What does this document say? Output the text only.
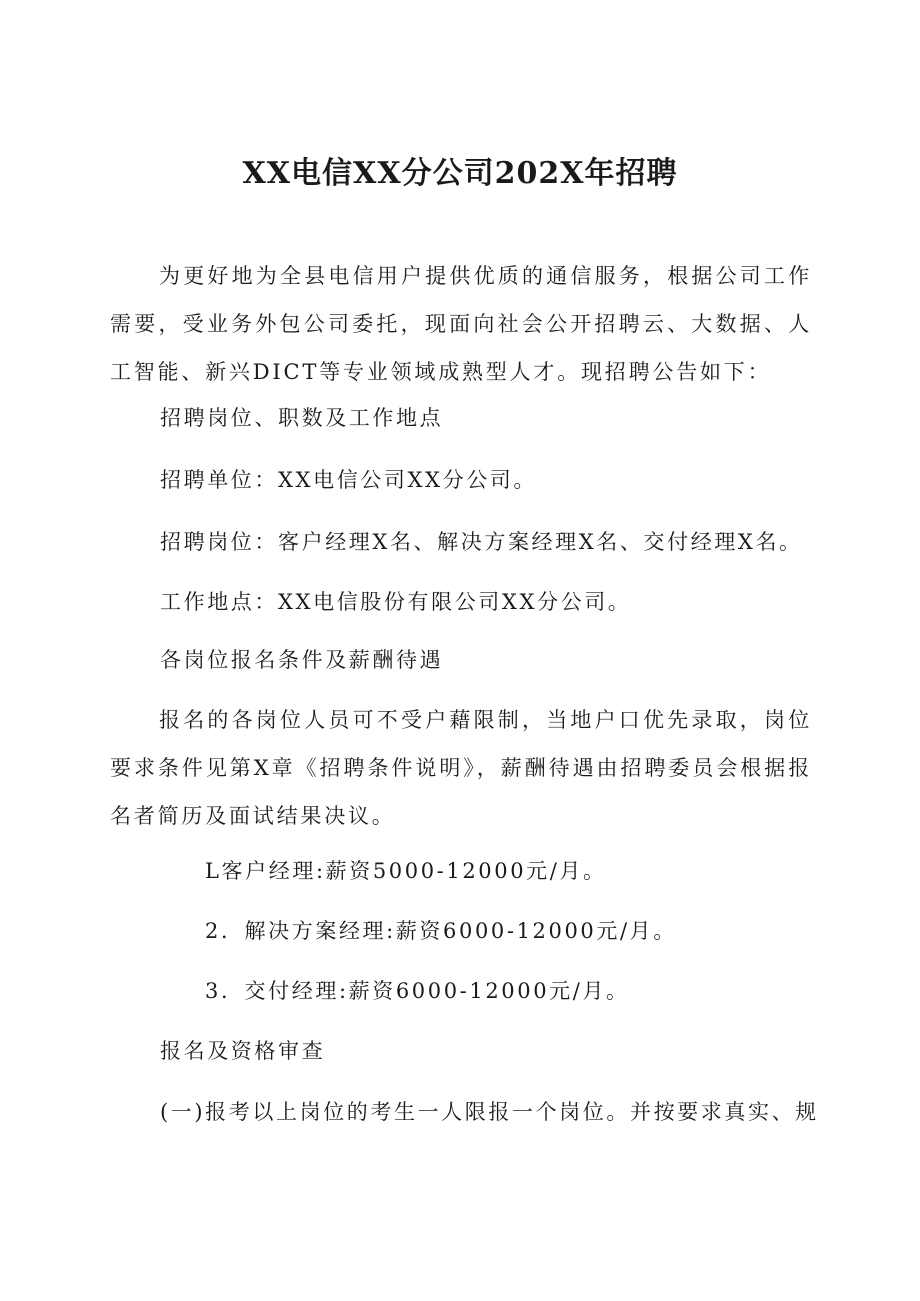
XX电信XX分公司202X年招聘
为更好地为全县电信用户提供优质的通信服务，根据公司工作需要，受业务外包公司委托，现面向社会公开招聘云、大数据、人工智能、新兴DICT等专业领域成熟型人才。现招聘公告如下：
招聘岗位、职数及工作地点
招聘单位：XX电信公司XX分公司。
招聘岗位：客户经理X名、解决方案经理X名、交付经理X名。
工作地点：XX电信股份有限公司XX分公司。
各岗位报名条件及薪酬待遇
报名的各岗位人员可不受户藉限制，当地户口优先录取，岗位要求条件见第X章《招聘条件说明》，薪酬待遇由招聘委员会根据报名者简历及面试结果决议。
L客户经理:薪资5000-12000元/月。
2．解决方案经理:薪资6000-12000元/月。
3．交付经理:薪资6000-12000元/月。
报名及资格审查
(一)报考以上岗位的考生一人限报一个岗位。并按要求真实、规
